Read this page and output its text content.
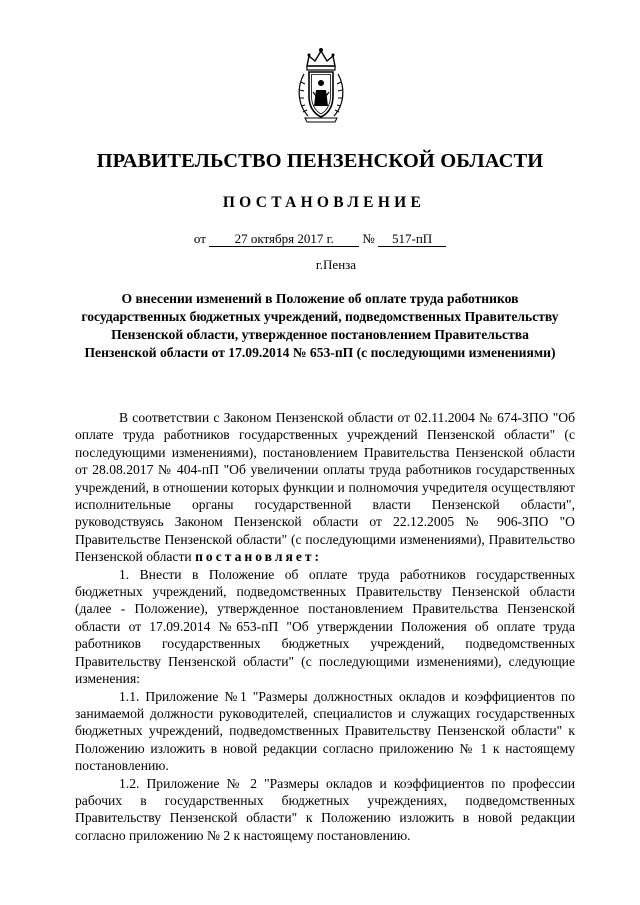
ПРАВИТЕЛЬСТВО ПЕНЗЕНСКОЙ ОБЛАСТИ
ПОСТАНОВЛЕНИЕ
от 27 октября 2017 г. № 517-пП
г.Пенза
О внесении изменений в Положение об оплате труда работников государственных бюджетных учреждений, подведомственных Правительству Пензенской области, утвержденное постановлением Правительства Пензенской области от 17.09.2014 № 653-пП (с последующими изменениями)

В соответствии с Законом Пензенской области от 02.11.2004 № 674-ЗПО "Об оплате труда работников государственных учреждений Пензенской области" (с последующими изменениями), постановлением Правительства Пензенской области от 28.08.2017 № 404-пП "Об увеличении оплаты труда работников государственных учреждений, в отношении которых функции и полномочия учредителя осуществляют исполнительные органы государственной власти Пензенской области", руководствуясь Законом Пензенской области от 22.12.2005 № 906-ЗПО "О Правительстве Пензенской области" (с последующими изменениями), Правительство Пензенской области постановляет:

1. Внести в Положение об оплате труда работников государственных бюджетных учреждений, подведомственных Правительству Пензенской области (далее - Положение), утвержденное постановлением Правительства Пензенской области от 17.09.2014 №653-пП "Об утверждении Положения об оплате труда работников государственных бюджетных учреждений, подведомственных Правительству Пензенской области" (с последующими изменениями), следующие изменения:

1.1. Приложение №1 "Размеры должностных окладов и коэффициентов по занимаемой должности руководителей, специалистов и служащих государственных бюджетных учреждений, подведомственных Правительству Пензенской области" к Положению изложить в новой редакции согласно приложению № 1 к настоящему постановлению.

1.2. Приложение № 2 "Размеры окладов и коэффициентов по профессии рабочих в государственных бюджетных учреждениях, подведомственных Правительству Пензенской области" к Положению изложить в новой редакции согласно приложению № 2 к настоящему постановлению.
